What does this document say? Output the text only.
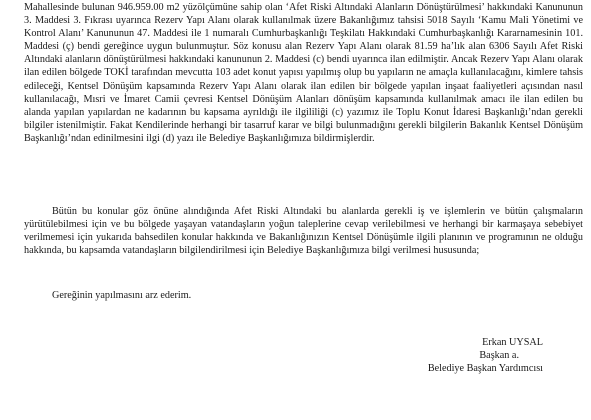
Mahallesinde bulunan 946.959.00 m2 yüzölçümüne sahip olan ‘Afet Riski Altındaki Alanların Dönüştürülmesi’ hakkındaki Kanununun 3. Maddesi 3. Fıkrası uyarınca Rezerv Yapı Alanı olarak kullanılmak üzere Bakanlığımız tahsisi 5018 Sayılı ‘Kamu Mali Yönetimi ve Kontrol Alanı’ Kanununun 47. Maddesi ile 1 numaralı Cumhurbaşkanlığı Teşkilatı Hakkındaki Cumhurbaşkanlığı Kararnamesinin 101. Maddesi (ç) bendi gereğince uygun bulunmuştur. Söz konusu alan Rezerv Yapı Alanı olarak 81.59 ha’lık alan 6306 Sayılı Afet Riski Altındaki alanların dönüştürülmesi hakkındaki kanununun 2. Maddesi (c) bendi uyarınca ilan edilmiştir. Ancak Rezerv Yapı Alanı olarak ilan edilen bölgede TOKİ tarafından mevcutta 103 adet konut yapısı yapılmış olup bu yapıların ne amaçla kullanılacağını, kimlere tahsis edileceği, Kentsel Dönüşüm kapsamında Rezerv Yapı Alanı olarak ilan edilen bir bölgede yapılan inşaat faaliyetleri açısından nasıl kullanılacağı, Mısri ve İmaret Camii çevresi Kentsel Dönüşüm Alanları dönüşüm kapsamında kullanılmak amacı ile ilan edilen bu alanda yapılan yapılardan ne kadarının bu kapsama ayrıldığı ile ilgililiği (c) yazımız ile Toplu Konut İdaresi Başkanlığı’ndan gerekli bilgiler istenilmiştir. Fakat Kendilerinde herhangi bir tasarruf karar ve bilgi bulunmadığını gerekli bilgilerin Bakanlık Kentsel Dönüşüm Başkanlığı’ndan edinilmesini ilgi (d) yazı ile Belediye Başkanlığımıza bildirmişlerdir.

Bütün bu konular göz önüne alındığında Afet Riski Altındaki bu alanlarda gerekli iş ve işlemlerin ve bütün çalışmaların yürütülebilmesi için ve bu bölgede yaşayan vatandaşların yoğun taleplerine cevap verilebilmesi ve herhangi bir karmaşaya sebebiyet verilmemesi için yukarıda bahsedilen konular hakkında ve Bakanlığınızın Kentsel Dönüşümle ilgili planının ve programının ne olduğu hakkında, bu kapsamda vatandaşların bilgilendirilmesi için Belediye Başkanlığımıza bilgi verilmesi hususunda;

Gereğinin yapılmasını arz ederim.

Erkan UYSAL
Başkan a.
Belediye Başkan Yardımcısı
